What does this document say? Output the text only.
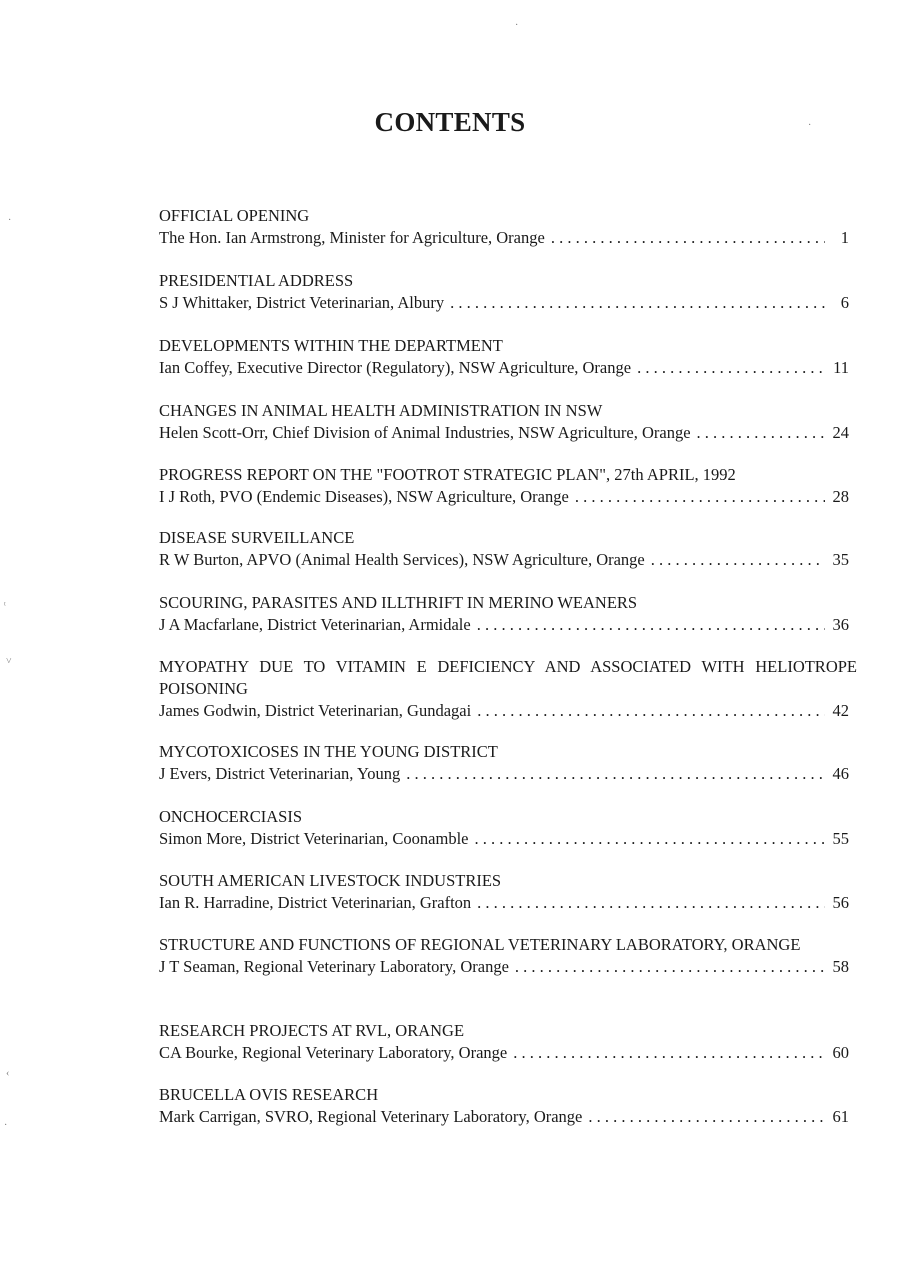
CONTENTS
OFFICIAL OPENING
The Hon. Ian Armstrong, Minister for Agriculture, Orange . . .	1
PRESIDENTIAL ADDRESS
S J Whittaker, District Veterinarian, Albury . . .	6
DEVELOPMENTS WITHIN THE DEPARTMENT
Ian Coffey, Executive Director (Regulatory), NSW Agriculture, Orange . . .	11
CHANGES IN ANIMAL HEALTH ADMINISTRATION IN NSW
Helen Scott-Orr, Chief Division of Animal Industries, NSW Agriculture, Orange . . .	24
PROGRESS REPORT ON THE "FOOTROT STRATEGIC PLAN", 27th APRIL, 1992
I J Roth, PVO (Endemic Diseases), NSW Agriculture, Orange . . .	28
DISEASE SURVEILLANCE
R W Burton, APVO (Animal Health Services), NSW Agriculture, Orange . . .	35
SCOURING, PARASITES AND ILLTHRIFT IN MERINO WEANERS
J A Macfarlane, District Veterinarian, Armidale . . .	36
MYOPATHY DUE TO VITAMIN E DEFICIENCY AND ASSOCIATED WITH HELIOTROPE POISONING
James Godwin, District Veterinarian, Gundagai . . .	42
MYCOTOXICOSES IN THE YOUNG DISTRICT
J Evers, District Veterinarian, Young . . .	46
ONCHOCERCIASIS
Simon More, District Veterinarian, Coonamble . . .	55
SOUTH AMERICAN LIVESTOCK INDUSTRIES
Ian R. Harradine, District Veterinarian, Grafton . . .	56
STRUCTURE AND FUNCTIONS OF REGIONAL VETERINARY LABORATORY, ORANGE
J T Seaman, Regional Veterinary Laboratory, Orange . . .	58
RESEARCH PROJECTS AT RVL, ORANGE
CA Bourke, Regional Veterinary Laboratory, Orange . . .	60
BRUCELLA OVIS RESEARCH
Mark Carrigan, SVRO, Regional Veterinary Laboratory, Orange . . .	61
·
ᵗ
˅
‹
·
·
·
